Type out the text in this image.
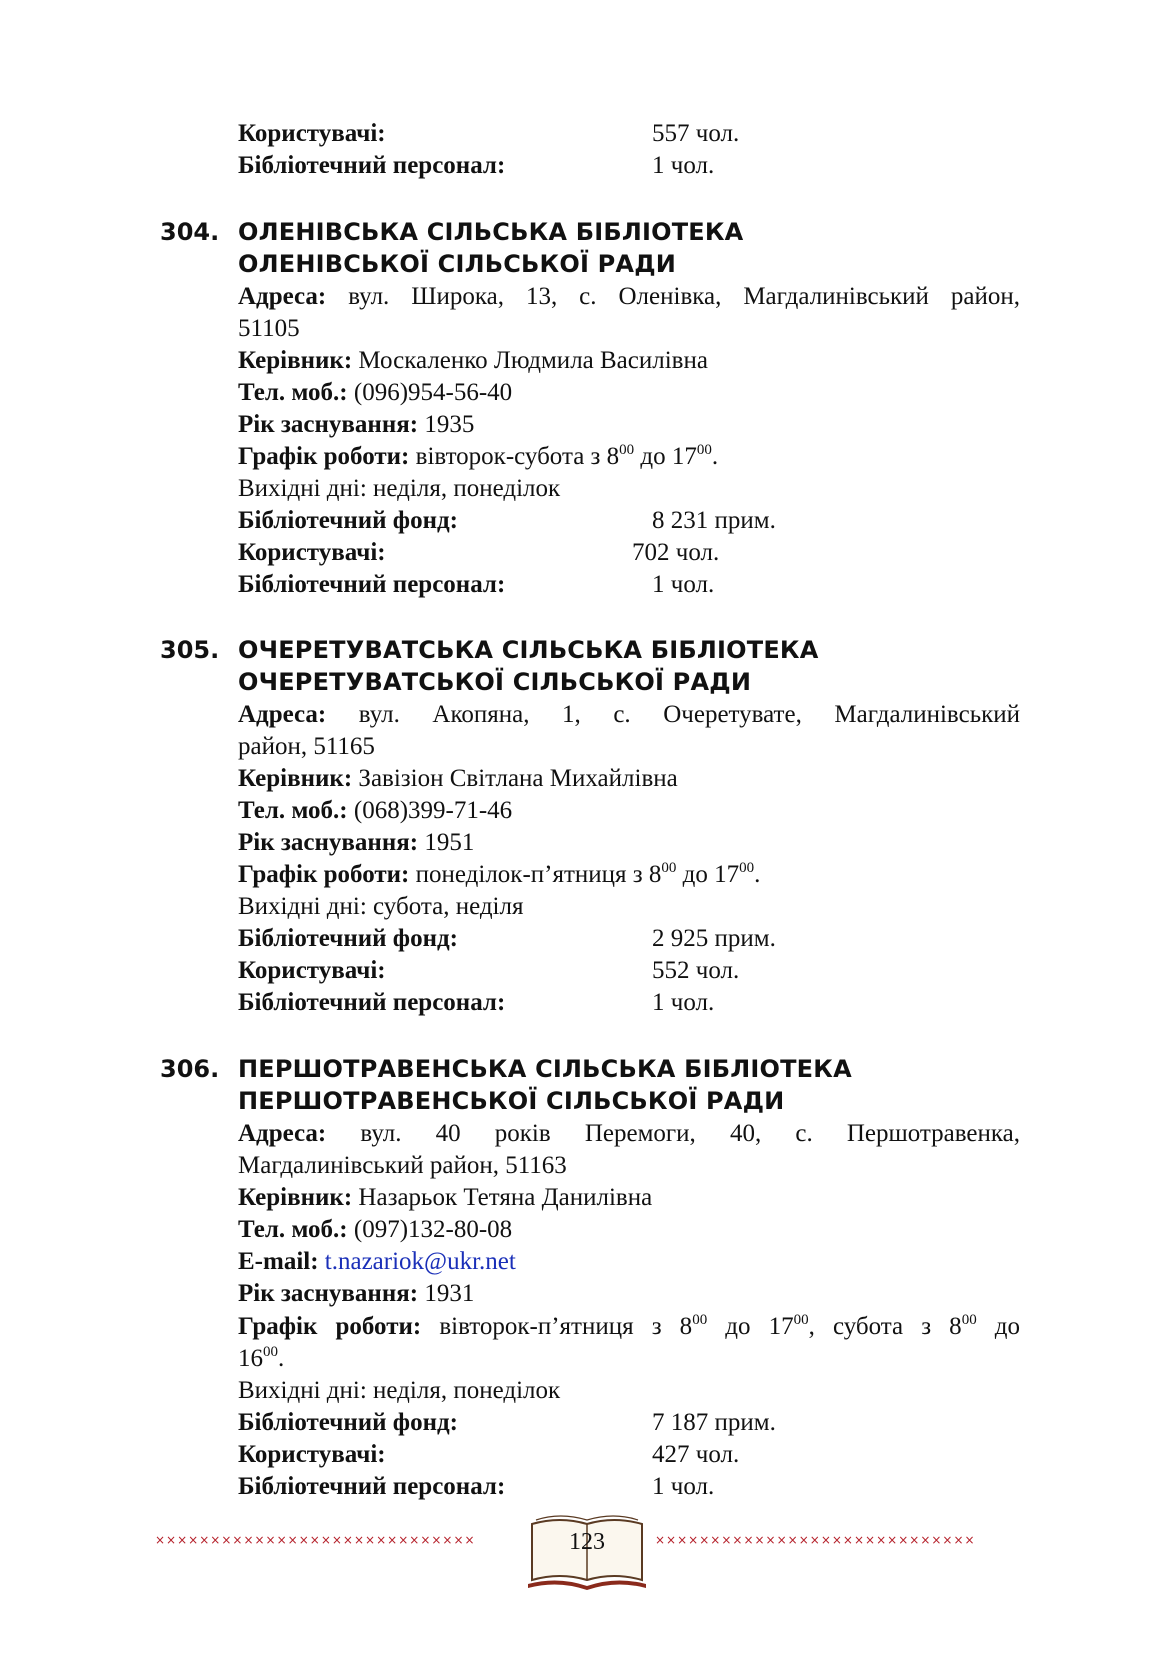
Користувачі:	557 чол.
Бібліотечний персонал:	1 чол.
304. ОЛЕНІВСЬКА СІЛЬСЬКА БІБЛІОТЕКА
ОЛЕНІВСЬКОЇ СІЛЬСЬКОЇ РАДИ
Адреса: вул. Широка, 13, с. Оленівка, Магдалинівський район,
51105
Керівник: Москаленко Людмила Василівна
Тел. моб.: (096)954-56-40
Рік заснування: 1935
Графік роботи: вівторок-субота з $8^{00}$ до $17^{00}$.
Вихідні дні: неділя, понеділок
Бібліотечний фонд:	8 231 прим.
Користувачі:	702 чол.
Бібліотечний персонал:	1 чол.
305. ОЧЕРЕТУВАТСЬКА СІЛЬСЬКА БІБЛІОТЕКА
ОЧЕРЕТУВАТСЬКОЇ СІЛЬСЬКОЇ РАДИ
Адреса: вул. Акопяна, 1, с. Очеретувате, Магдалинівський
район, 51165
Керівник: Завізіон Світлана Михайлівна
Тел. моб.: (068)399-71-46
Рік заснування: 1951
Графік роботи: понеділок-п’ятниця з $8^{00}$ до $17^{00}$.
Вихідні дні: субота, неділя
Бібліотечний фонд:	2 925 прим.
Користувачі:	552 чол.
Бібліотечний персонал:	1 чол.
306. ПЕРШОТРАВЕНСЬКА СІЛЬСЬКА БІБЛІОТЕКА
ПЕРШОТРАВЕНСЬКОЇ СІЛЬСЬКОЇ РАДИ
Адреса: вул. 40 років Перемоги, 40, с. Першотравенка,
Магдалинівський район, 51163
Керівник: Назарьок Тетяна Данилівна
Тел. моб.: (097)132-80-08
E-mail: t.nazariok@ukr.net
Рік заснування: 1931
Графік роботи: вівторок-п’ятниця з $8^{00}$ до $17^{00}$, субота з $8^{00}$ до
$16^{00}$.
Вихідні дні: неділя, понеділок
Бібліотечний фонд:	7 187 прим.
Користувачі:	427 чол.
Бібліотечний персонал:	1 чол.
×××××××××××××××××××××××××××××	×××××××××××××××××××××××××××××
123
